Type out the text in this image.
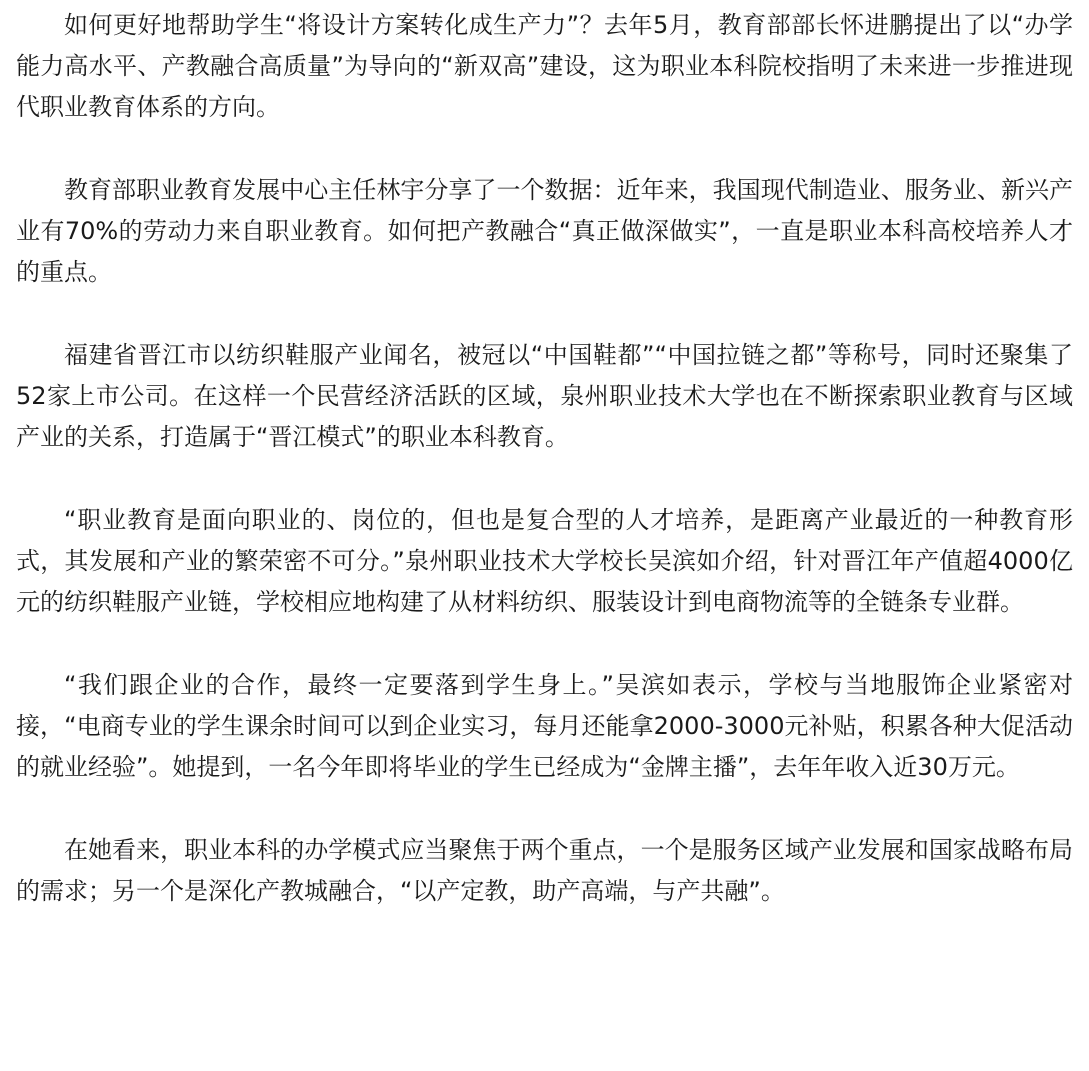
如何更好地帮助学生“将设计方案转化成生产力”？去年5月，教育部部长怀进鹏提出了以“办学能力高水平、产教融合高质量”为导向的“新双高”建设，这为职业本科院校指明了未来进一步推进现代职业教育体系的方向。

教育部职业教育发展中心主任林宇分享了一个数据：近年来，我国现代制造业、服务业、新兴产业有70%的劳动力来自职业教育。如何把产教融合“真正做深做实”，一直是职业本科高校培养人才的重点。

福建省晋江市以纺织鞋服产业闻名，被冠以“中国鞋都”“中国拉链之都”等称号，同时还聚集了52家上市公司。在这样一个民营经济活跃的区域，泉州职业技术大学也在不断探索职业教育与区域产业的关系，打造属于“晋江模式”的职业本科教育。

“职业教育是面向职业的、岗位的，但也是复合型的人才培养，是距离产业最近的一种教育形式，其发展和产业的繁荣密不可分。”泉州职业技术大学校长吴滨如介绍，针对晋江年产值超4000亿元的纺织鞋服产业链，学校相应地构建了从材料纺织、服装设计到电商物流等的全链条专业群。

“我们跟企业的合作，最终一定要落到学生身上。”吴滨如表示，学校与当地服饰企业紧密对接，“电商专业的学生课余时间可以到企业实习，每月还能拿2000-3000元补贴，积累各种大促活动的就业经验”。她提到，一名今年即将毕业的学生已经成为“金牌主播”，去年年收入近30万元。

在她看来，职业本科的办学模式应当聚焦于两个重点，一个是服务区域产业发展和国家战略布局的需求；另一个是深化产教城融合，“以产定教，助产高端，与产共融”。
